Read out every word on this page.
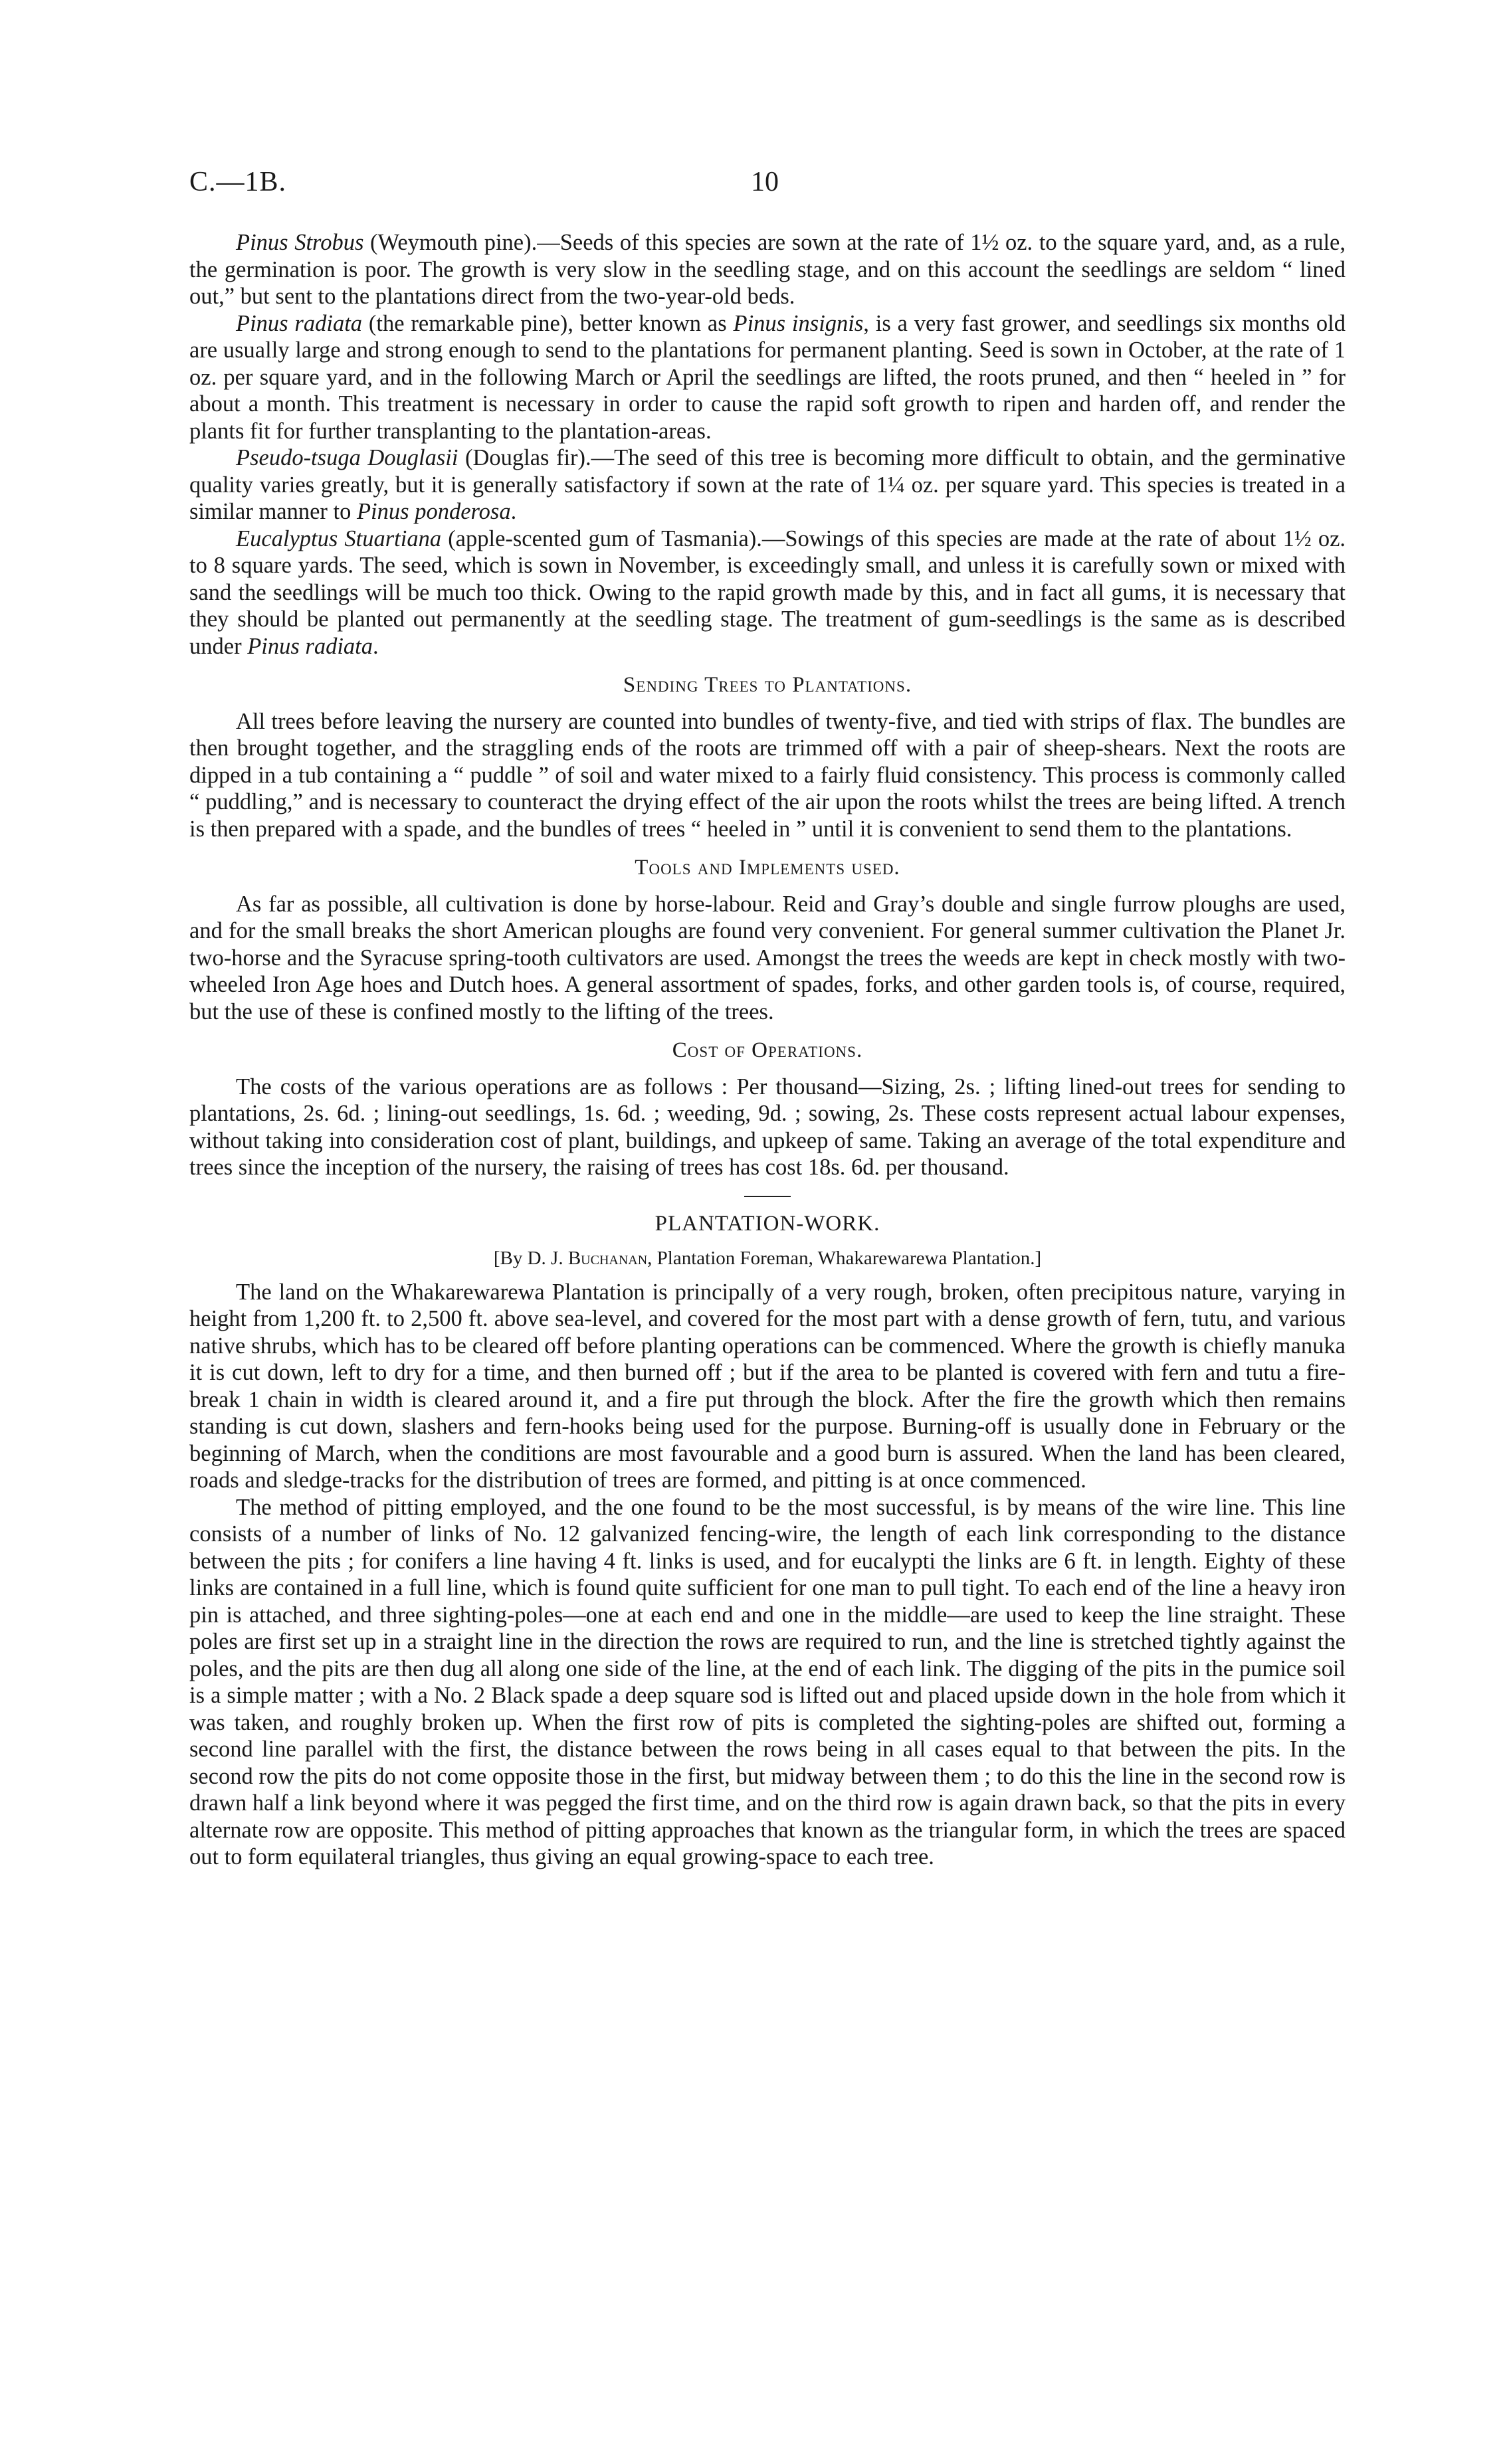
C.—1B.	10

Pinus Strobus (Weymouth pine).—Seeds of this species are sown at the rate of 1½ oz. to the square yard, and, as a rule, the germination is poor. The growth is very slow in the seedling stage, and on this account the seedlings are seldom “ lined out,” but sent to the plantations direct from the two-year-old beds.

Pinus radiata (the remarkable pine), better known as Pinus insignis, is a very fast grower, and seedlings six months old are usually large and strong enough to send to the plantations for permanent planting. Seed is sown in October, at the rate of 1 oz. per square yard, and in the following March or April the seedlings are lifted, the roots pruned, and then “ heeled in ” for about a month. This treatment is necessary in order to cause the rapid soft growth to ripen and harden off, and render the plants fit for further transplanting to the plantation-areas.

Pseudo-tsuga Douglasii (Douglas fir).—The seed of this tree is becoming more difficult to obtain, and the germinative quality varies greatly, but it is generally satisfactory if sown at the rate of 1¼ oz. per square yard. This species is treated in a similar manner to Pinus ponderosa.

Eucalyptus Stuartiana (apple-scented gum of Tasmania).—Sowings of this species are made at the rate of about 1½ oz. to 8 square yards. The seed, which is sown in November, is exceedingly small, and unless it is carefully sown or mixed with sand the seedlings will be much too thick. Owing to the rapid growth made by this, and in fact all gums, it is necessary that they should be planted out permanently at the seedling stage. The treatment of gum-seedlings is the same as is described under Pinus radiata.

Sending Trees to Plantations.

All trees before leaving the nursery are counted into bundles of twenty-five, and tied with strips of flax. The bundles are then brought together, and the straggling ends of the roots are trimmed off with a pair of sheep-shears. Next the roots are dipped in a tub containing a “ puddle ” of soil and water mixed to a fairly fluid consistency. This process is commonly called “ puddling,” and is necessary to counteract the drying effect of the air upon the roots whilst the trees are being lifted. A trench is then prepared with a spade, and the bundles of trees “ heeled in ” until it is convenient to send them to the plantations.

Tools and Implements used.

As far as possible, all cultivation is done by horse-labour. Reid and Gray’s double and single furrow ploughs are used, and for the small breaks the short American ploughs are found very convenient. For general summer cultivation the Planet Jr. two-horse and the Syracuse spring-tooth cultivators are used. Amongst the trees the weeds are kept in check mostly with two-wheeled Iron Age hoes and Dutch hoes. A general assortment of spades, forks, and other garden tools is, of course, required, but the use of these is confined mostly to the lifting of the trees.

Cost of Operations.

The costs of the various operations are as follows : Per thousand—Sizing, 2s. ; lifting lined-out trees for sending to plantations, 2s. 6d. ; lining-out seedlings, 1s. 6d. ; weeding, 9d. ; sowing, 2s. These costs represent actual labour expenses, without taking into consideration cost of plant, buildings, and upkeep of same. Taking an average of the total expenditure and trees since the inception of the nursery, the raising of trees has cost 18s. 6d. per thousand.

PLANTATION-WORK.
[By D. J. Buchanan, Plantation Foreman, Whakarewarewa Plantation.]

The land on the Whakarewarewa Plantation is principally of a very rough, broken, often precipitous nature, varying in height from 1,200 ft. to 2,500 ft. above sea-level, and covered for the most part with a dense growth of fern, tutu, and various native shrubs, which has to be cleared off before planting operations can be commenced. Where the growth is chiefly manuka it is cut down, left to dry for a time, and then burned off ; but if the area to be planted is covered with fern and tutu a fire-break 1 chain in width is cleared around it, and a fire put through the block. After the fire the growth which then remains standing is cut down, slashers and fern-hooks being used for the purpose. Burning-off is usually done in February or the beginning of March, when the conditions are most favourable and a good burn is assured. When the land has been cleared, roads and sledge-tracks for the distribution of trees are formed, and pitting is at once commenced.

The method of pitting employed, and the one found to be the most successful, is by means of the wire line. This line consists of a number of links of No. 12 galvanized fencing-wire, the length of each link corresponding to the distance between the pits ; for conifers a line having 4 ft. links is used, and for eucalypti the links are 6 ft. in length. Eighty of these links are contained in a full line, which is found quite sufficient for one man to pull tight. To each end of the line a heavy iron pin is attached, and three sighting-poles—one at each end and one in the middle—are used to keep the line straight. These poles are first set up in a straight line in the direction the rows are required to run, and the line is stretched tightly against the poles, and the pits are then dug all along one side of the line, at the end of each link. The digging of the pits in the pumice soil is a simple matter ; with a No. 2 Black spade a deep square sod is lifted out and placed upside down in the hole from which it was taken, and roughly broken up. When the first row of pits is completed the sighting-poles are shifted out, forming a second line parallel with the first, the distance between the rows being in all cases equal to that between the pits. In the second row the pits do not come opposite those in the first, but midway between them ; to do this the line in the second row is drawn half a link beyond where it was pegged the first time, and on the third row is again drawn back, so that the pits in every alternate row are opposite. This method of pitting approaches that known as the triangular form, in which the trees are spaced out to form equilateral triangles, thus giving an equal growing-space to each tree.
